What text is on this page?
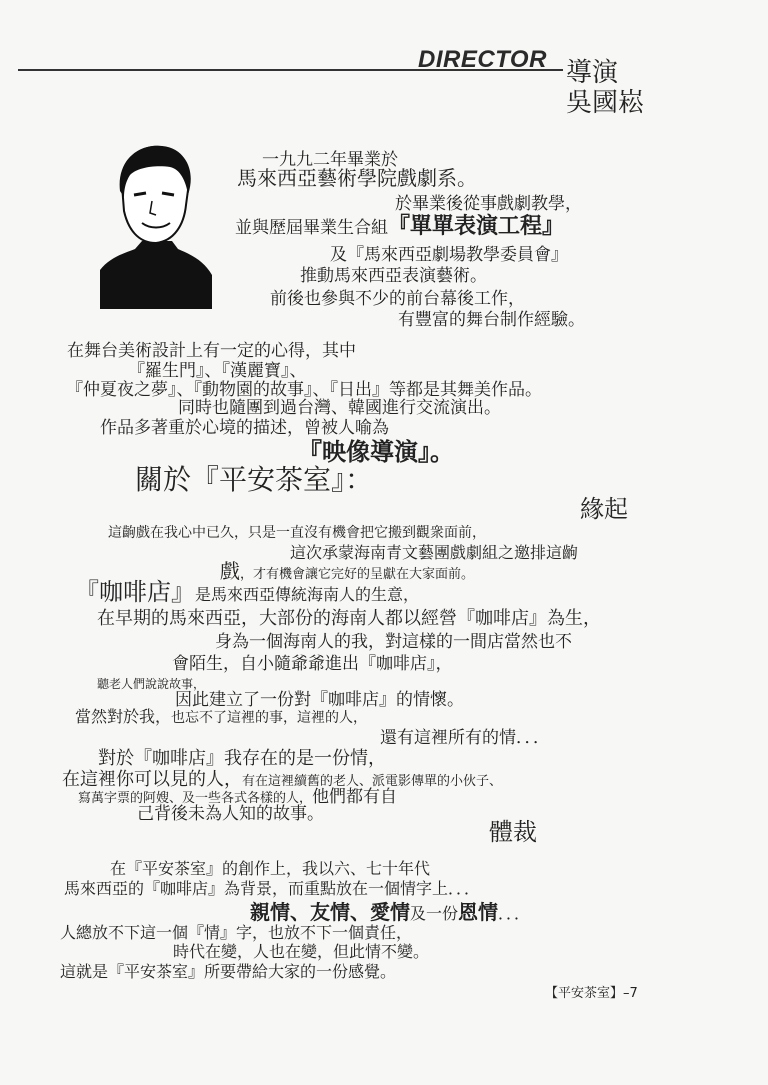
DIRECTOR 導演
吳國崧
一九九二年畢業於
馬來西亞藝術學院戲劇系。
於畢業後從事戲劇教學，
並與歷屆畢業生合組『單單表演工程』
及『馬來西亞劇場教學委員會』
推動馬來西亞表演藝術。
前後也參與不少的前台幕後工作，
有豐富的舞台制作經驗。
在舞台美術設計上有一定的心得，其中
『羅生門』、『漢麗寶』、
『仲夏夜之夢』、『動物園的故事』、『日出』等都是其舞美作品。
同時也隨團到過台灣、韓國進行交流演出。
作品多著重於心境的描述，曾被人喻為
『映像導演』。
關於『平安茶室』：
緣起
這齣戲在我心中已久，只是一直沒有機會把它搬到觀衆面前，
這次承蒙海南青文藝團戲劇組之邀排這齣
戲，才有機會讓它完好的呈獻在大家面前。
『咖啡店』是馬來西亞傳統海南人的生意，
在早期的馬來西亞，大部份的海南人都以經營『咖啡店』為生，
身為一個海南人的我，對這樣的一間店當然也不
會陌生，自小隨爺爺進出『咖啡店』，
聽老人們說說故事，
因此建立了一份對『咖啡店』的情懷。
當然對於我，也忘不了這裡的事，這裡的人，
還有這裡所有的情．．．
對於『咖啡店』我存在的是一份情，
在這裡你可以見的人，有在這裡續舊的老人、派電影傳單的小伙子、
寫萬字票的阿嫂、及一些各式各樣的人，他們都有自
己背後未為人知的故事。
體裁
在『平安茶室』的創作上，我以六、七十年代
馬來西亞的『咖啡店』為背景，而重點放在一個情字上．．．
親情、友情、愛情及一份恩情．．．
人總放不下這一個『情』字，也放不下一個責任，
時代在變，人也在變，但此情不變。
這就是『平安茶室』所要帶給大家的一份感覺。
【平安茶室】–7
